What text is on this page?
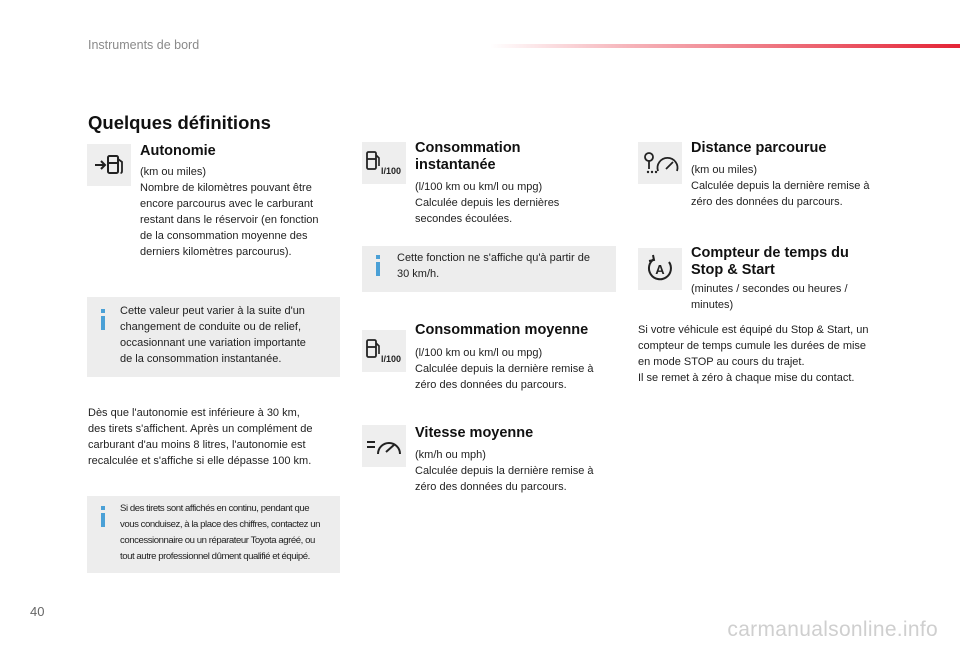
Instruments de bord
Quelques définitions
Autonomie
(km ou miles)
Nombre de kilomètres pouvant être
encore parcourus avec le carburant
restant dans le réservoir (en fonction
de la consommation moyenne des
derniers kilomètres parcourus).
Cette valeur peut varier à la suite d'un
changement de conduite ou de relief,
occasionnant une variation importante
de la consommation instantanée.
Dès que l'autonomie est inférieure à 30 km,
des tirets s'affichent. Après un complément de
carburant d'au moins 8 litres, l'autonomie est
recalculée et s'affiche si elle dépasse 100 km.
Si des tirets sont affichés en continu, pendant que
vous conduisez, à la place des chiffres, contactez un
concessionnaire ou un réparateur Toyota agréé, ou
tout autre professionnel dûment qualifié et équipé.
l/100
Consommation
instantanée
(l/100 km ou km/l ou mpg)
Calculée depuis les dernières
secondes écoulées.
Cette fonction ne s'affiche qu'à partir de
30 km/h.
l/100
Consommation moyenne
(l/100 km ou km/l ou mpg)
Calculée depuis la dernière remise à
zéro des données du parcours.
Vitesse moyenne
(km/h ou mph)
Calculée depuis la dernière remise à
zéro des données du parcours.
Distance parcourue
(km ou miles)
Calculée depuis la dernière remise à
zéro des données du parcours.
A
Compteur de temps du
Stop & Start
(minutes / secondes ou heures /
minutes)
Si votre véhicule est équipé du Stop & Start, un
compteur de temps cumule les durées de mise
en mode STOP au cours du trajet.
Il se remet à zéro à chaque mise du contact.
40
carmanualsonline.info
